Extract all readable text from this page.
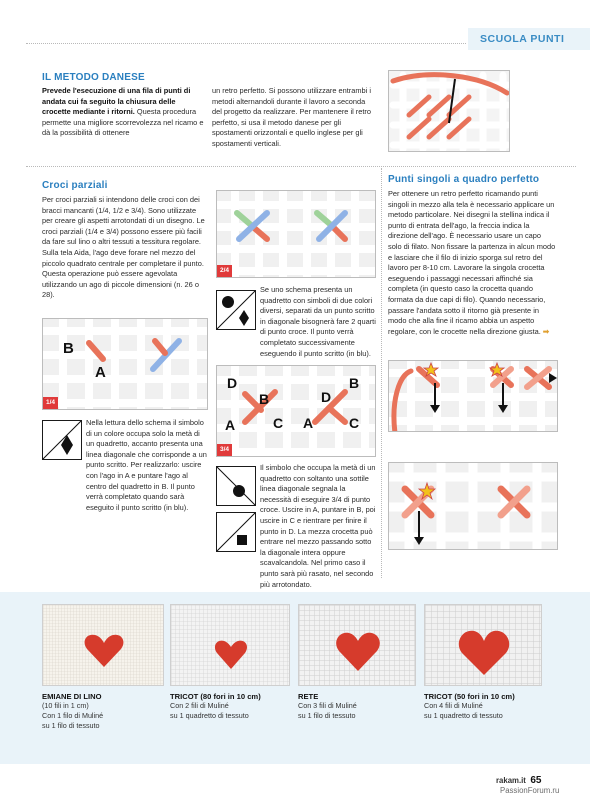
SCUOLA PUNTI
IL METODO DANESE
Prevede l'esecuzione di una fila di punti di andata cui fa seguito la chiusura delle crocette mediante i ritorni. Questa procedura permette una migliore scorrevolezza nel ricamo e dà la possibilità di ottenere
un retro perfetto. Si possono utilizzare entrambi i metodi alternandoli durante il lavoro a seconda del progetto da realizzare. Per mantenere il retro perfetto, si usa il metodo danese per gli spostamenti orizzontali e quello inglese per gli spostamenti verticali.
Croci parziali
Per croci parziali si intendono delle croci con dei bracci mancanti (1/4, 1/2 e 3/4). Sono utilizzate per creare gli aspetti arrotondati di un disegno. Le croci parziali (1/4 e 3/4) possono essere più facili da fare sul lino o altri tessuti a tessitura regolare. Sulla tela Aida, l'ago deve forare nel mezzo del piccolo quadrato centrale per completare il punto. Questa operazione può essere agevolata utilizzando un ago di piccole dimensioni (n. 26 o 28).
2/4
Se uno schema presenta un quadretto con simboli di due colori diversi, separati da un punto scritto in diagonale bisognerà fare 2 quarti di punto croce. Il punto verrà completato successivamente eseguendo il punto scritto (in blu).
B
A
1/4
Nella lettura dello schema il simbolo di un colore occupa solo la metà di un quadretto, accanto presenta una linea diagonale che corrisponde a un punto scritto. Per realizzarlo: uscire con l'ago in A e puntare l'ago al centro del quadretto in B. Il punto verrà completato quando sarà eseguito il punto scritto (in blu).
D
B
A	C
D
B
A	C
3/4
Il simbolo che occupa la metà di un quadretto con soltanto una sottile linea diagonale segnala la necessità di eseguire 3/4 di punto croce. Uscire in A, puntare in B, poi uscire in C e rientrare per finire il punto in D. La mezza crocetta può entrare nel mezzo passando sotto la diagonale intera oppure scavalcandola. Nel primo caso il punto sarà più rasato, nel secondo più arrotondato.
Punti singoli a quadro perfetto
Per ottenere un retro perfetto ricamando punti singoli in mezzo alla tela è necessario applicare un metodo particolare. Nei disegni la stellina indica il punto di entrata dell'ago, la freccia indica la direzione dell'ago. È necessario usare un capo solo di filato. Non fissare la partenza in alcun modo e lasciare che il filo di inizio sporga sul retro del lavoro per 8-10 cm. Lavorare la singola crocetta eseguendo i passaggi necessari affinché sia completa (in questo caso la crocetta quando formata da due capi di filo). Quando necessario, passare l'andata sotto il ritorno già presente in modo che alla fine il ricamo abbia un aspetto regolare, con le crocette nella direzione giusta. ➡
EMIANE DI LINO
(10 fili in 1 cm)
Con 1 filo di Muliné
su 1 filo di tessuto
TRICOT (80 fori in 10 cm)
Con 2 fili di Muliné
su 1 quadretto di tessuto
RETE
Con 3 fili di Muliné
su 1 filo di tessuto
TRICOT (50 fori in 10 cm)
Con 4 fili di Muliné
su 1 quadretto di tessuto
rakam.it 65
PassionForum.ru
